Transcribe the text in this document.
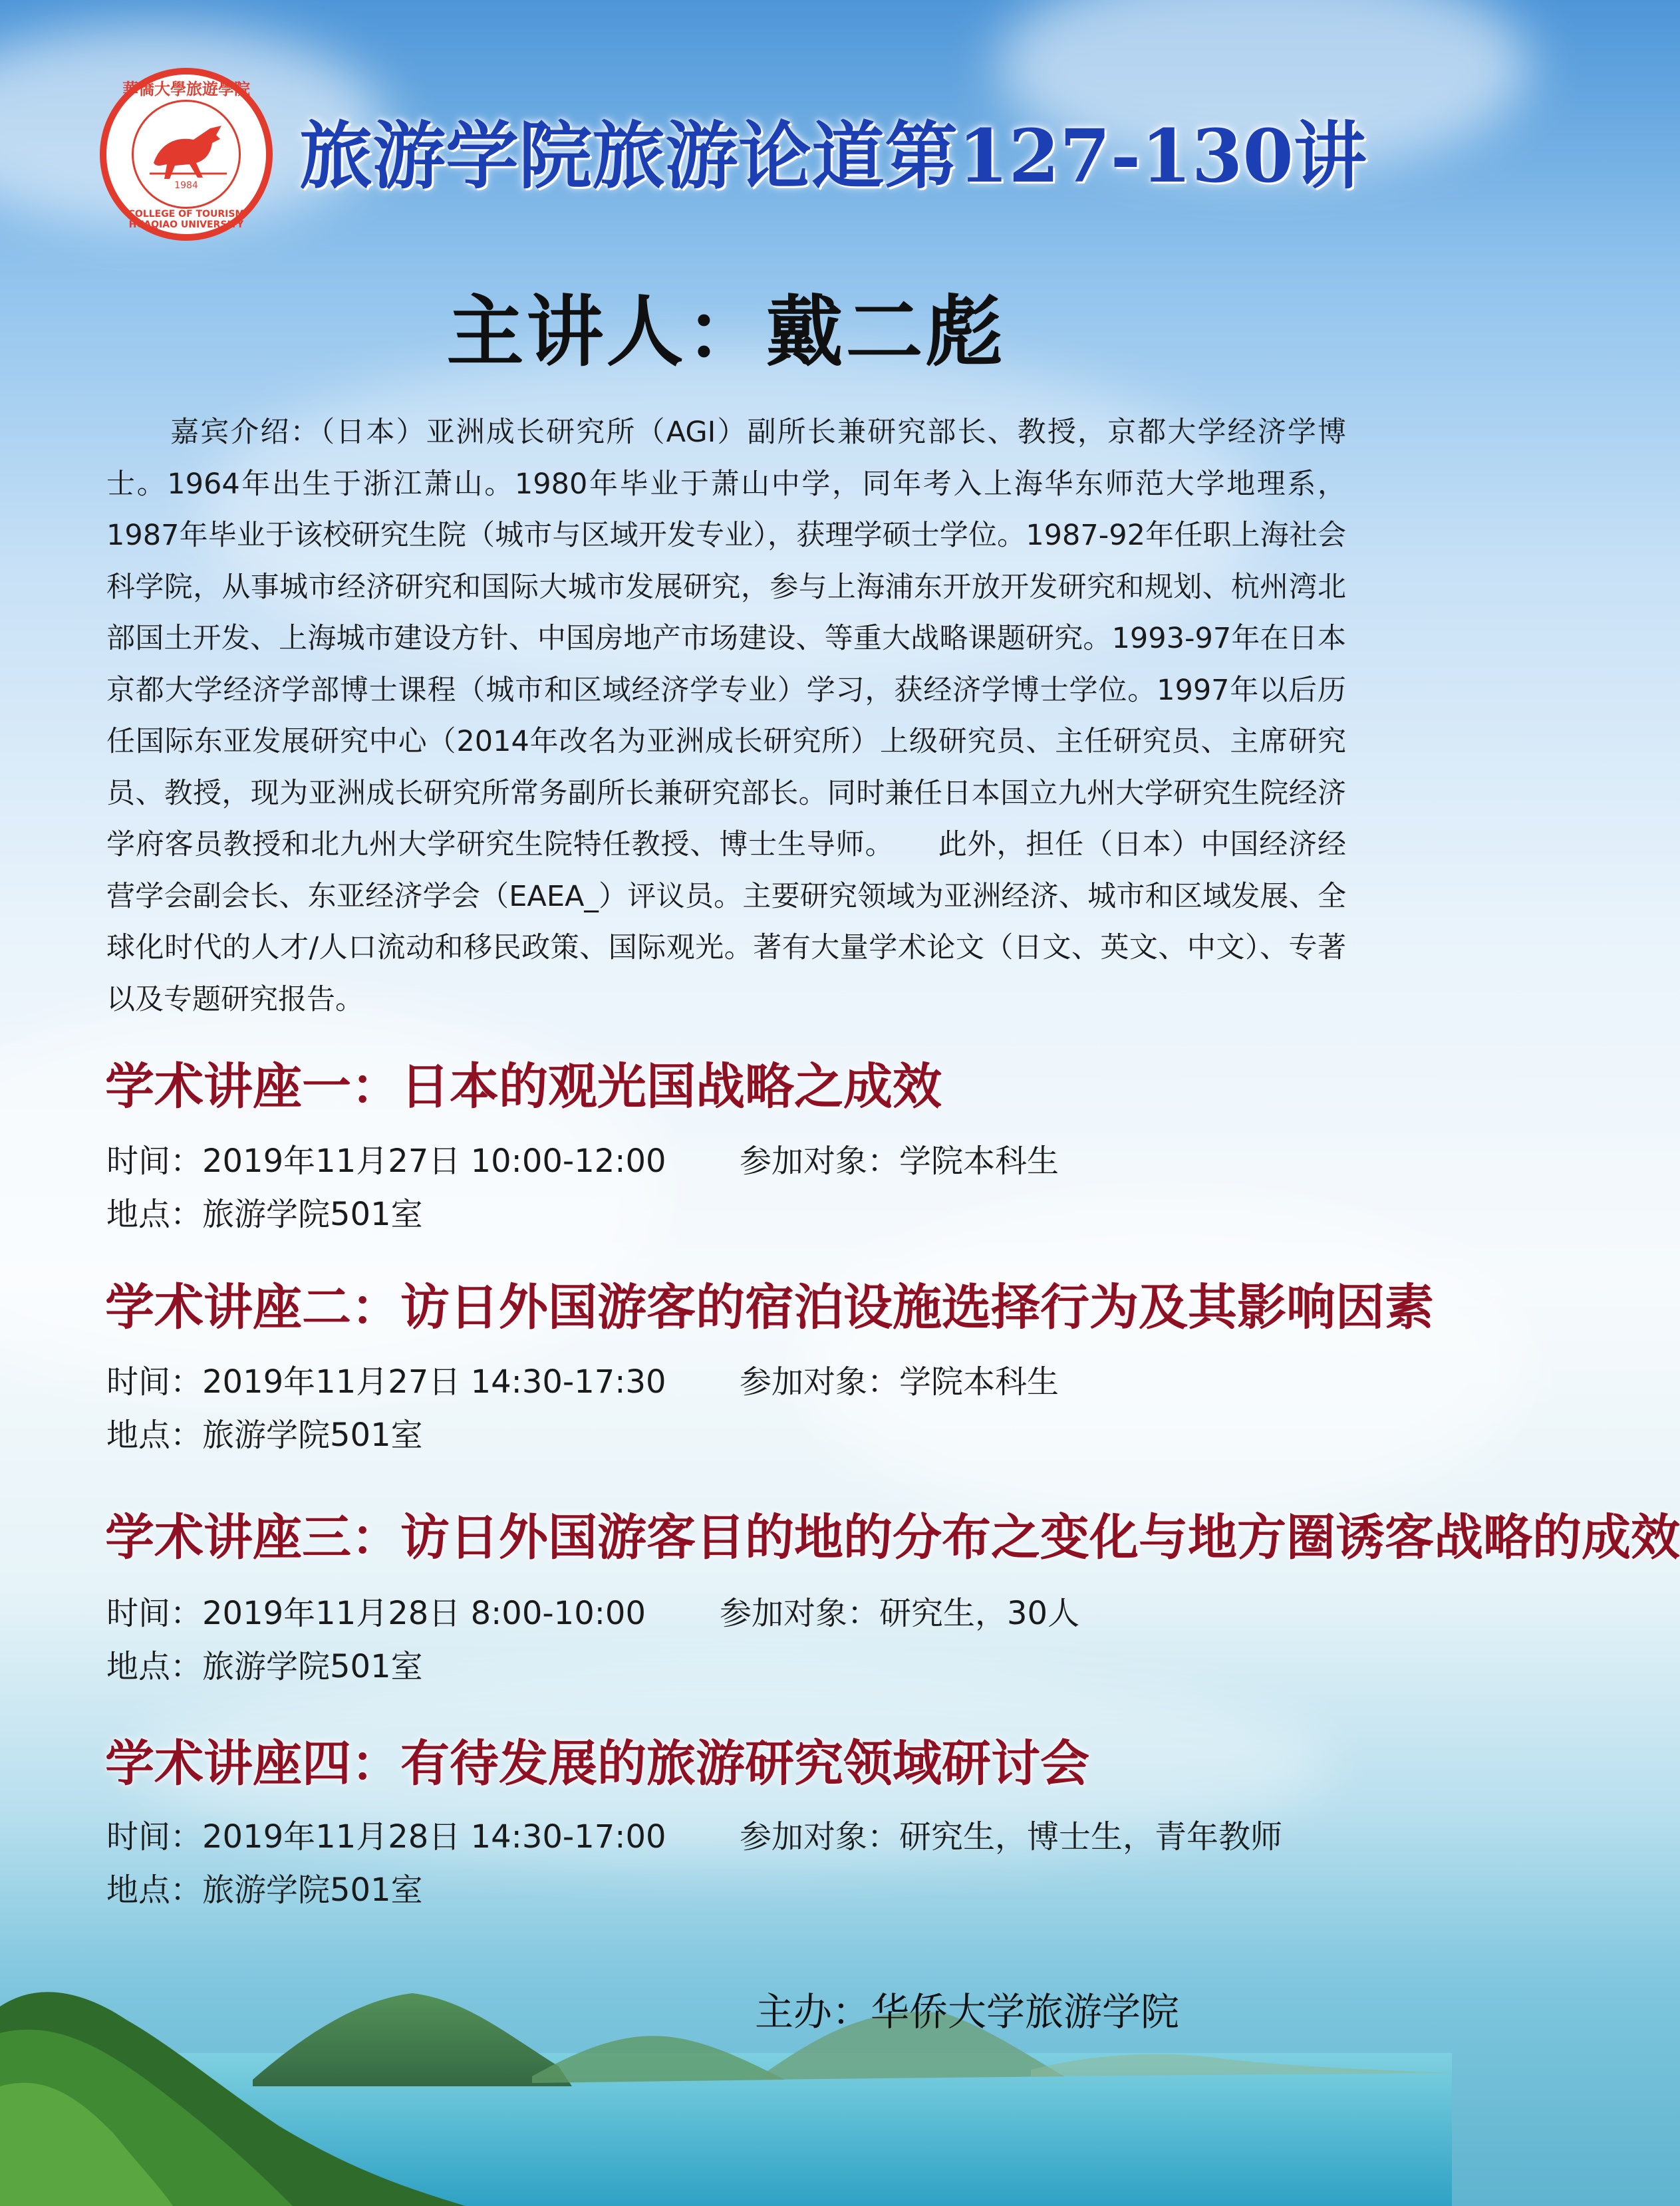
華僑大學旅遊學院
1984
COLLEGE OF TOURISM HUAQIAO UNIVERSITY
旅游学院旅游论道第127-130讲
主讲人：戴二彪
嘉宾介绍：（日本）亚洲成长研究所（AGI）副所长兼研究部长、教授，京都大学经济学博士。1964年出生于浙江萧山。1980年毕业于萧山中学，同年考入上海华东师范大学地理系，1987年毕业于该校研究生院（城市与区域开发专业），获理学硕士学位。1987-92年任职上海社会科学院，从事城市经济研究和国际大城市发展研究，参与上海浦东开放开发研究和规划、杭州湾北部国土开发、上海城市建设方针、中国房地产市场建设、等重大战略课题研究。1993-97年在日本京都大学经济学部博士课程（城市和区域经济学专业）学习，获经济学博士学位。1997年以后历任国际东亚发展研究中心（2014年改名为亚洲成长研究所）上级研究员、主任研究员、主席研究员、教授，现为亚洲成长研究所常务副所长兼研究部长。同时兼任日本国立九州大学研究生院经济学府客员教授和北九州大学研究生院特任教授、博士生导师。　　此外，担任（日本）中国经济经营学会副会长、东亚经济学会（EAEA_）评议员。主要研究领域为亚洲经济、城市和区域发展、全球化时代的人才/人口流动和移民政策、国际观光。著有大量学术论文（日文、英文、中文）、专著以及专题研究报告。
学术讲座一：日本的观光国战略之成效
时间：2019年11月27日 10:00-12:00 参加对象：学院本科生
地点：旅游学院501室
学术讲座二：访日外国游客的宿泊设施选择行为及其影响因素
时间：2019年11月27日 14:30-17:30 参加对象：学院本科生
地点：旅游学院501室
学术讲座三：访日外国游客目的地的分布之变化与地方圈诱客战略的成效
时间：2019年11月28日 8:00-10:00 参加对象：研究生，30人
地点：旅游学院501室
学术讲座四：有待发展的旅游研究领域研讨会
时间：2019年11月28日 14:30-17:00 参加对象：研究生，博士生，青年教师
地点：旅游学院501室
主办：华侨大学旅游学院
